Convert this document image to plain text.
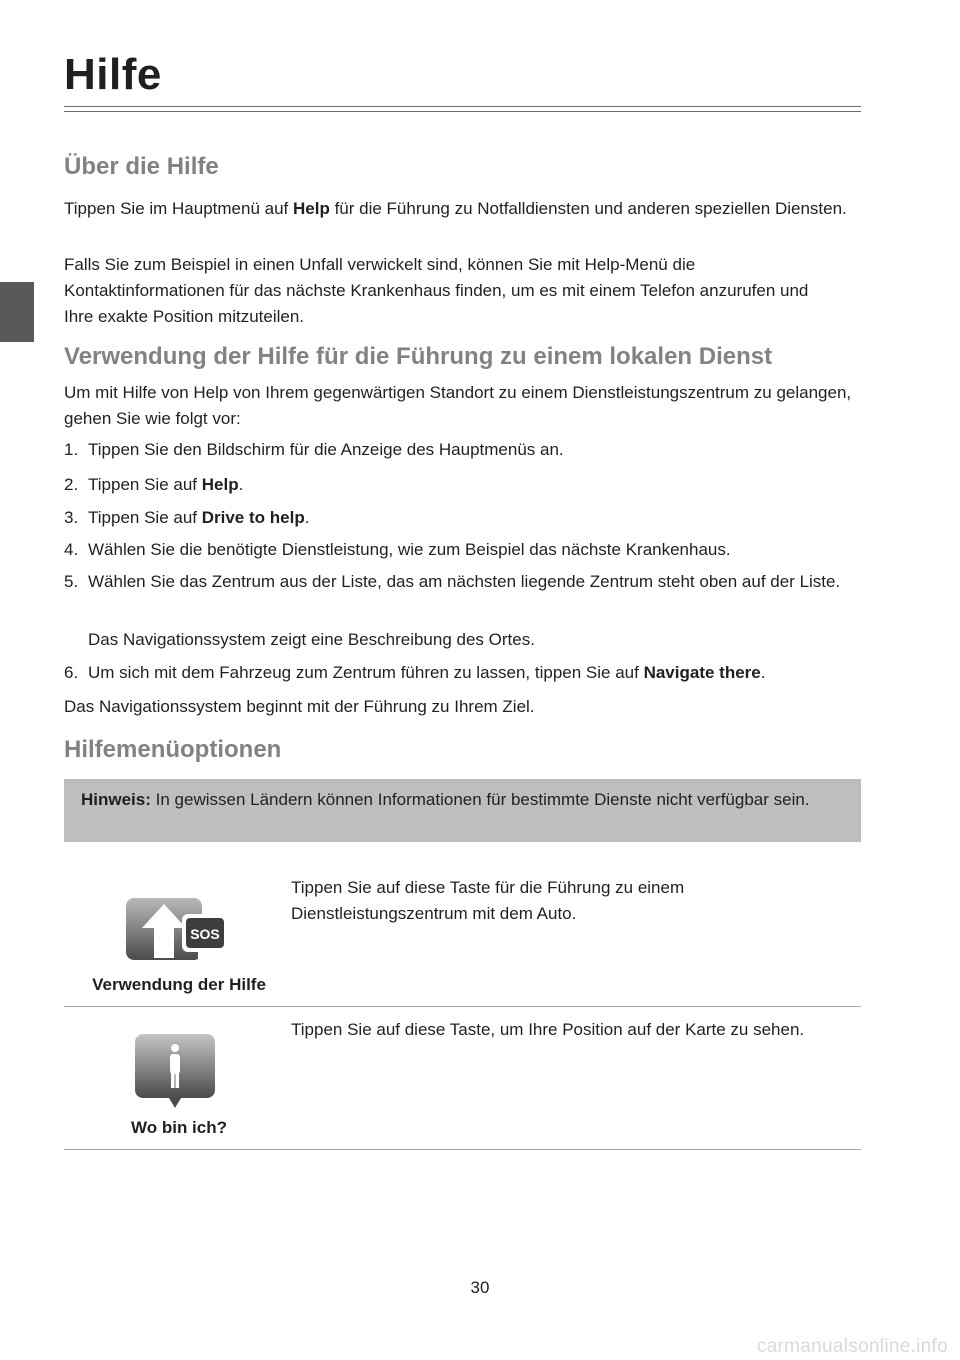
Hilfe
Über die Hilfe

Tippen Sie im Hauptmenü auf Help für die Führung zu Notfalldiensten und anderen speziellen Diensten.

Falls Sie zum Beispiel in einen Unfall verwickelt sind, können Sie mit Help-Menü die Kontaktinformationen für das nächste Krankenhaus finden, um es mit einem Telefon anzurufen und Ihre exakte Position mitzuteilen.

Verwendung der Hilfe für die Führung zu einem lokalen Dienst

Um mit Hilfe von Help von Ihrem gegenwärtigen Standort zu einem Dienstleistungszentrum zu gelangen, gehen Sie wie folgt vor:

1. Tippen Sie den Bildschirm für die Anzeige des Hauptmenüs an.
2. Tippen Sie auf Help.
3. Tippen Sie auf Drive to help.
4. Wählen Sie die benötigte Dienstleistung, wie zum Beispiel das nächste Krankenhaus.
5. Wählen Sie das Zentrum aus der Liste, das am nächsten liegende Zentrum steht oben auf der Liste.
Das Navigationssystem zeigt eine Beschreibung des Ortes.
6. Um sich mit dem Fahrzeug zum Zentrum führen zu lassen, tippen Sie auf Navigate there.

Das Navigationssystem beginnt mit der Führung zu Ihrem Ziel.

Hilfemenüoptionen
Hinweis: In gewissen Ländern können Informationen für bestimmte Dienste nicht verfügbar sein.
SOS
Verwendung der Hilfe
Tippen Sie auf diese Taste für die Führung zu einem Dienstleistungszentrum mit dem Auto.
Wo bin ich?
Tippen Sie auf diese Taste, um Ihre Position auf der Karte zu sehen.
30
carmanualsonline.info
